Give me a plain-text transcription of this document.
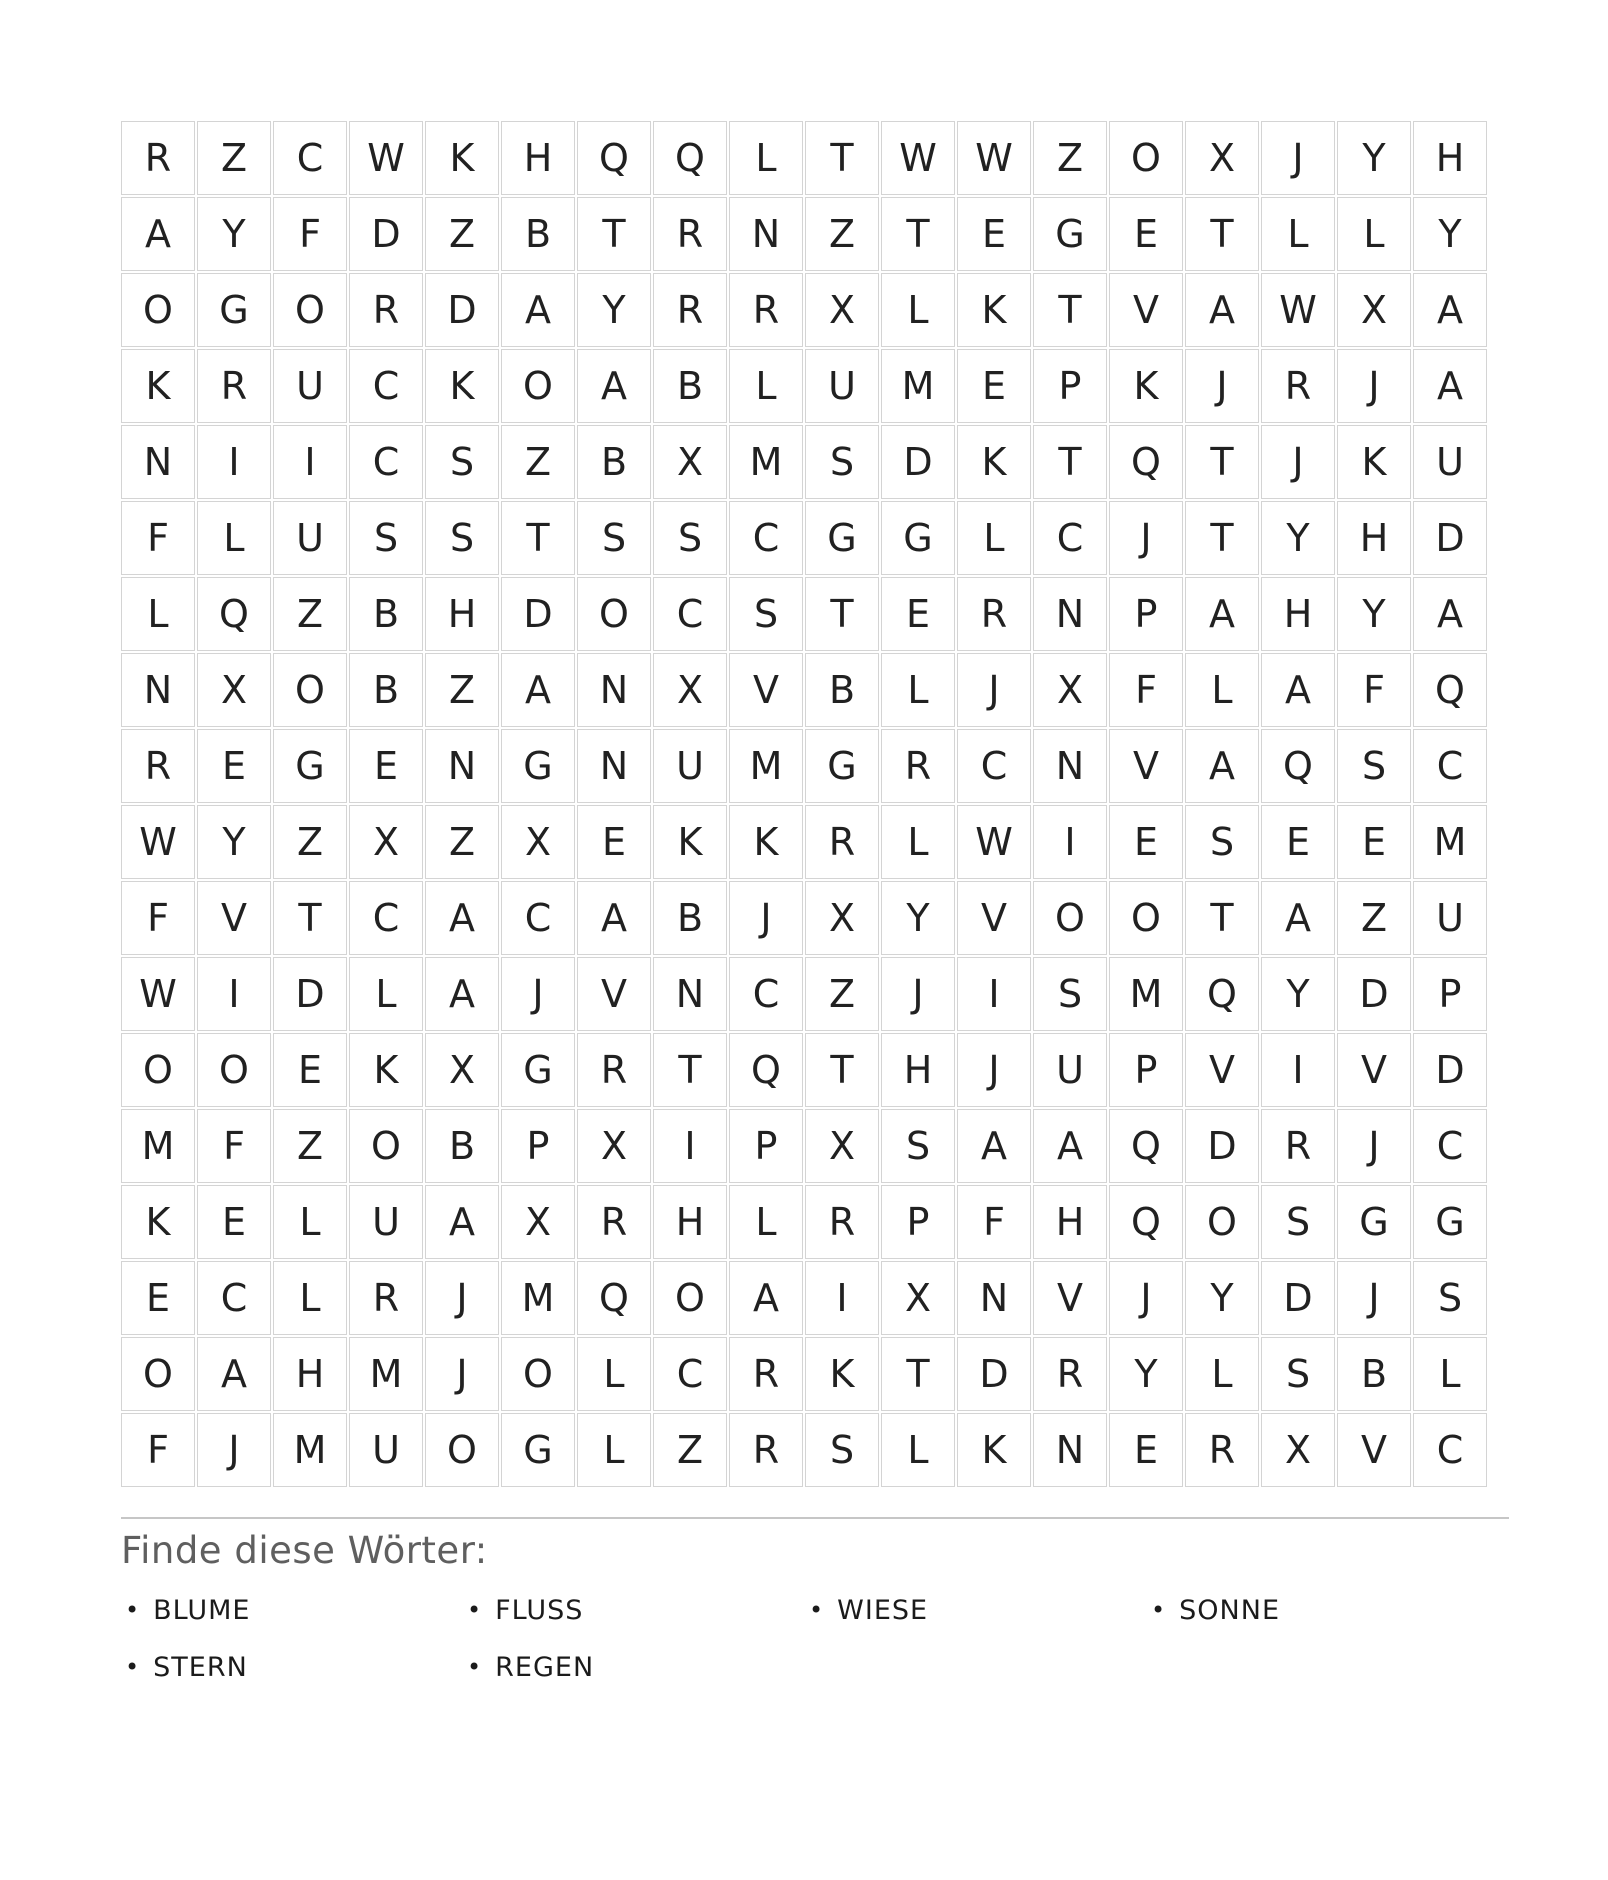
R	Z	C	W	K	H	Q	Q	L	T	W	W	Z	O	X	J	Y	H
A	Y	F	D	Z	B	T	R	N	Z	T	E	G	E	T	L	L	Y
O	G	O	R	D	A	Y	R	R	X	L	K	T	V	A	W	X	A
K	R	U	C	K	O	A	B	L	U	M	E	P	K	J	R	J	A
N	I	I	C	S	Z	B	X	M	S	D	K	T	Q	T	J	K	U
F	L	U	S	S	T	S	S	C	G	G	L	C	J	T	Y	H	D
L	Q	Z	B	H	D	O	C	S	T	E	R	N	P	A	H	Y	A
N	X	O	B	Z	A	N	X	V	B	L	J	X	F	L	A	F	Q
R	E	G	E	N	G	N	U	M	G	R	C	N	V	A	Q	S	C
W	Y	Z	X	Z	X	E	K	K	R	L	W	I	E	S	E	E	M
F	V	T	C	A	C	A	B	J	X	Y	V	O	O	T	A	Z	U
W	I	D	L	A	J	V	N	C	Z	J	I	S	M	Q	Y	D	P
O	O	E	K	X	G	R	T	Q	T	H	J	U	P	V	I	V	D
M	F	Z	O	B	P	X	I	P	X	S	A	A	Q	D	R	J	C
K	E	L	U	A	X	R	H	L	R	P	F	H	Q	O	S	G	G
E	C	L	R	J	M	Q	O	A	I	X	N	V	J	Y	D	J	S
O	A	H	M	J	O	L	C	R	K	T	D	R	Y	L	S	B	L
F	J	M	U	O	G	L	Z	R	S	L	K	N	E	R	X	V	C
Finde diese Wörter:
• BLUME	• FLUSS	• WIESE	• SONNE
• STERN	• REGEN
